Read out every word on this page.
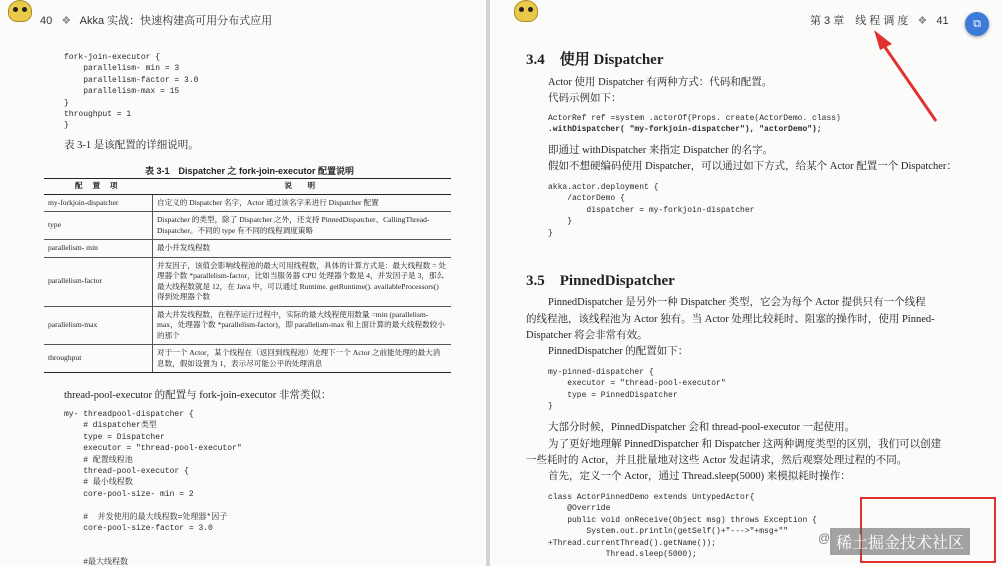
40 ❖ Akka 实战：快速构建高可用分布式应用
fork-join-executor {
parallelism- min = 3
parallelism-factor = 3.0
parallelism-max = 15
}
throughput = 1
}
表 3-1 是该配置的详细说明。
表 3-1　Dispatcher 之 fork-join-executor 配置说明
配 置 项	说　明
my-forkjoin-dispatcher	自定义的 Dispatcher 名字，Actor 通过该名字来进行 Dispatcher 配置
type	Dispatcher 的类型，除了 Dispatcher 之外，还支持 PinnedDispatcher、CallingThread-Dispatcher。不同的 type 有不同的线程调度策略
parallelism- min	最小并发线程数
parallelism-factor	并发因子，该值会影响线程池的最大可用线程数，具体的计算方式是：最大线程数 = 处理器个数 *parallelism-factor，比如当服务器 CPU 处理器个数是 4，并发因子是 3，那么最大线程数就是 12，在 Java 中，可以通过 Runtime. getRuntime(). availableProcessors() 得到处理器个数
parallelism-max	最大并发线程数，在程序运行过程中，实际的最大线程使用数量 =min (parallelism-max，处理器个数 *parallelism-factor)，即 parallelism-max 和上面计算的最大线程数较小的那个
throughput	对于一个 Actor，某个线程在（返回到线程池）处理下一个 Actor 之前能处理的最大消息数，假如设置为 1，表示尽可能公平的处理消息
thread-pool-executor 的配置与 fork-join-executor 非常类似：
my- threadpool-dispatcher {
# dispatcher类型
type = Dispatcher
executor = "thread-pool-executor"
# 配置线程池
thread-pool-executor {
# 最小线程数
core-pool-size- min = 2

#  并发使用的最大线程数=处理器*因子
core-pool-size-factor = 3.0

#最大线程数
第 3 章　线 程 调 度 ❖ 41
3.4　使用 Dispatcher
Actor 使用 Dispatcher 有两种方式：代码和配置。
代码示例如下：
ActorRef ref =system .actorOf(Props. create(ActorDemo. class)
.withDispatcher( "my-forkjoin-dispatcher"), "actorDemo");
即通过 withDispatcher 来指定 Dispatcher 的名字。
假如不想硬编码使用 Dispatcher，可以通过如下方式，给某个 Actor 配置一个 Dispatcher：
akka.actor.deployment {
/actorDemo {
dispatcher = my-forkjoin-dispatcher
}
}
3.5　PinnedDispatcher
PinnedDispatcher 是另外一种 Dispatcher 类型，它会为每个 Actor 提供只有一个线程
的线程池，该线程池为 Actor 独有。当 Actor 处理比较耗时、阻塞的操作时，使用 Pinned-
Dispatcher 将会非常有效。
PinnedDispatcher 的配置如下：
my-pinned-dispatcher {
executor = "thread-pool-executor"
type = PinnedDispatcher
}
大部分时候，PinnedDispatcher 会和 thread-pool-executor 一起使用。
为了更好地理解 PinnedDispatcher 和 Dispatcher 这两种调度类型的区别，我们可以创建
一些耗时的 Actor，并且批量地对这些 Actor 发起请求，然后观察处理过程的不同。
首先，定义一个 Actor，通过 Thread.sleep(5000) 来模拟耗时操作：
class ActorPinnedDemo extends UntypedActor{
@Override
public void onReceive(Object msg) throws Exception {
System.out.println(getSelf()+"--->"+msg+""
+Thread.currentThread().getName());
Thread.sleep(5000);
@ 稀土掘金技术社区
⧉
